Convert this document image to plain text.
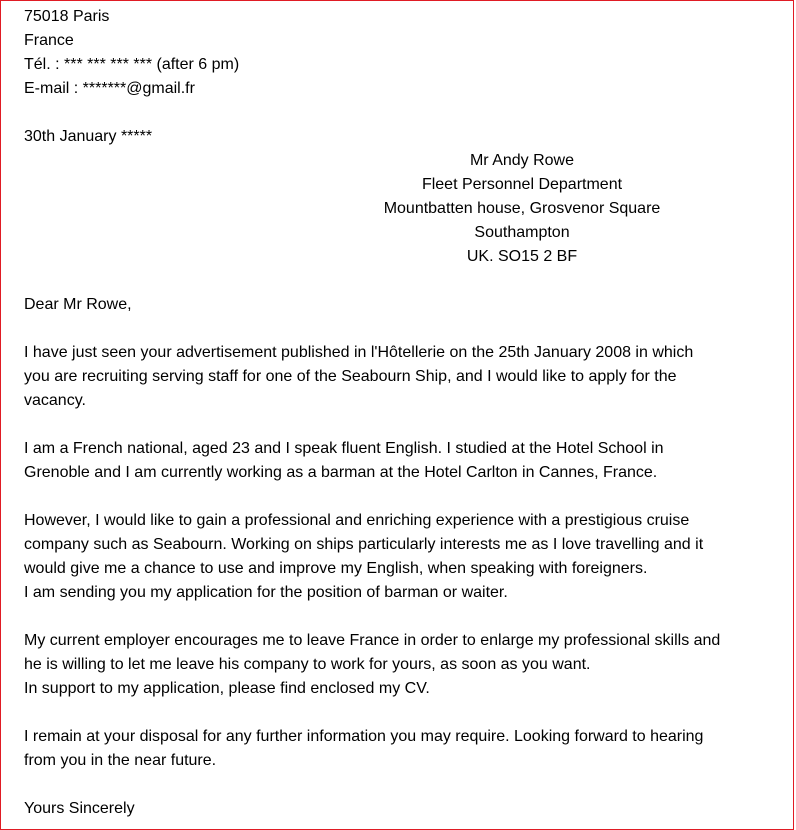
75018 Paris
France
Tél. : *** *** *** *** (after 6 pm)
E-mail : *******@gmail.fr
30th January *****
Mr Andy Rowe
Fleet Personnel Department
Mountbatten house, Grosvenor Square
Southampton
UK. SO15 2 BF
Dear Mr Rowe,
I have just seen your advertisement published in l'Hôtellerie on the 25th January 2008 in which
you are recruiting serving staff for one of the Seabourn Ship, and I would like to apply for the
vacancy.
I am a French national, aged 23 and I speak fluent English. I studied at the Hotel School in
Grenoble and I am currently working as a barman at the Hotel Carlton in Cannes, France.
However, I would like to gain a professional and enriching experience with a prestigious cruise
company such as Seabourn. Working on ships particularly interests me as I love travelling and it
would give me a chance to use and improve my English, when speaking with foreigners.
I am sending you my application for the position of barman or waiter.
My current employer encourages me to leave France in order to enlarge my professional skills and
he is willing to let me leave his company to work for yours, as soon as you want.
In support to my application, please find enclosed my CV.
I remain at your disposal for any further information you may require. Looking forward to hearing
from you in the near future.
Yours Sincerely
